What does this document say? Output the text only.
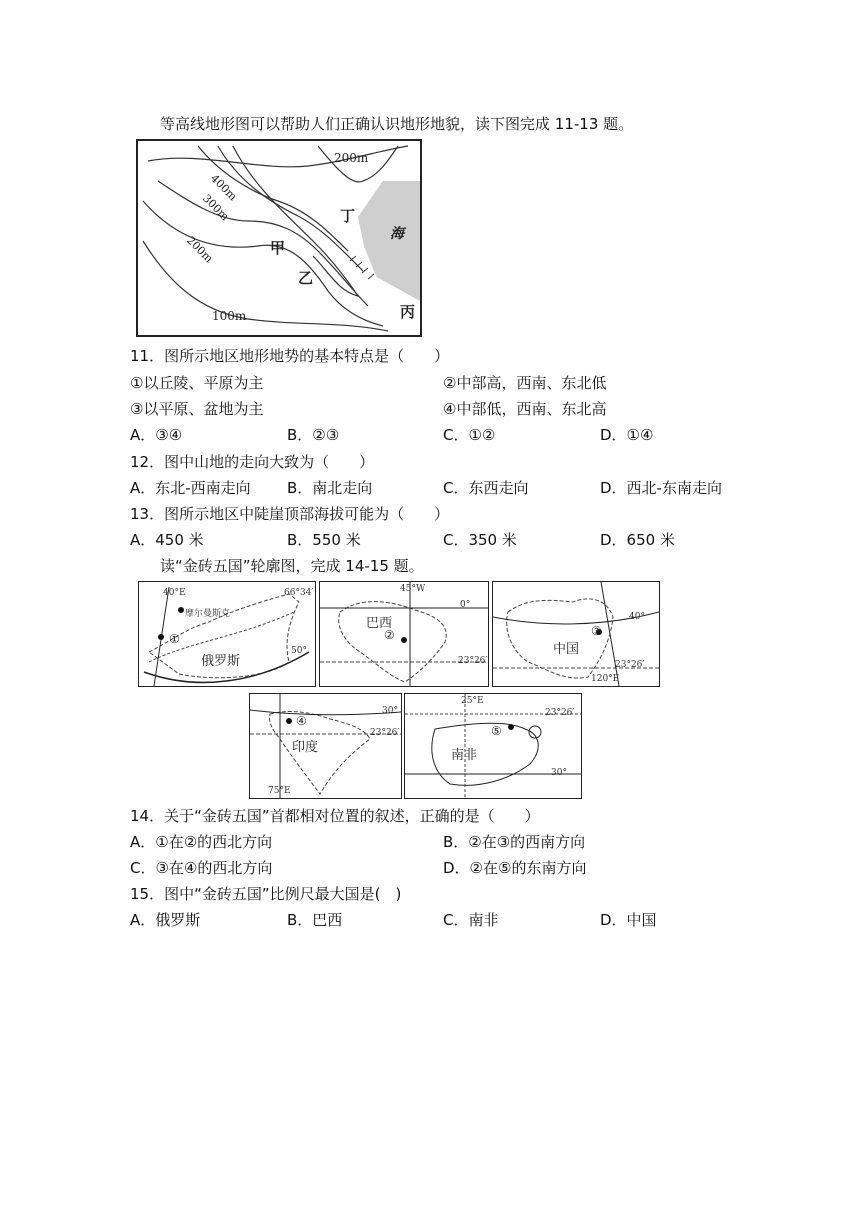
等高线地形图可以帮助人们正确认识地形地貌，读下图完成 11-13 题。
200m
400m
300m
200m
100m
丁
甲
乙
丙
海
11．图所示地区地形地势的基本特点是（　　）
①以丘陵、平原为主	②中部高，西南、东北低
③以平原、盆地为主	④中部低，西南、东北高
A．③④	B．②③	C．①②	D．①④
12．图中山地的走向大致为（　　）
A．东北-西南走向 B．南北走向	C．东西走向	D．西北-东南走向
13．图所示地区中陡崖顶部海拔可能为（　　）
A．450 米	B．550 米	C．350 米	D．650 米
读“金砖五国”轮廓图，完成 14-15 题。
40°E	66°34′
摩尔曼斯克
①
俄罗斯
50°
45°W
0°
巴西
②
23°26′
40°
③
中国
23°26′
120°E
30°
④
23°26′
印度
75°E
25°E
23°26′
⑤
南非
30°
14．关于“金砖五国”首都相对位置的叙述，正确的是（　　）
A．①在②的西北方向	B．②在③的西南方向
C．③在④的西北方向	D．②在⑤的东南方向
15．图中“金砖五国”比例尺最大国是(　)
A．俄罗斯	B．巴西	C．南非	D．中国
